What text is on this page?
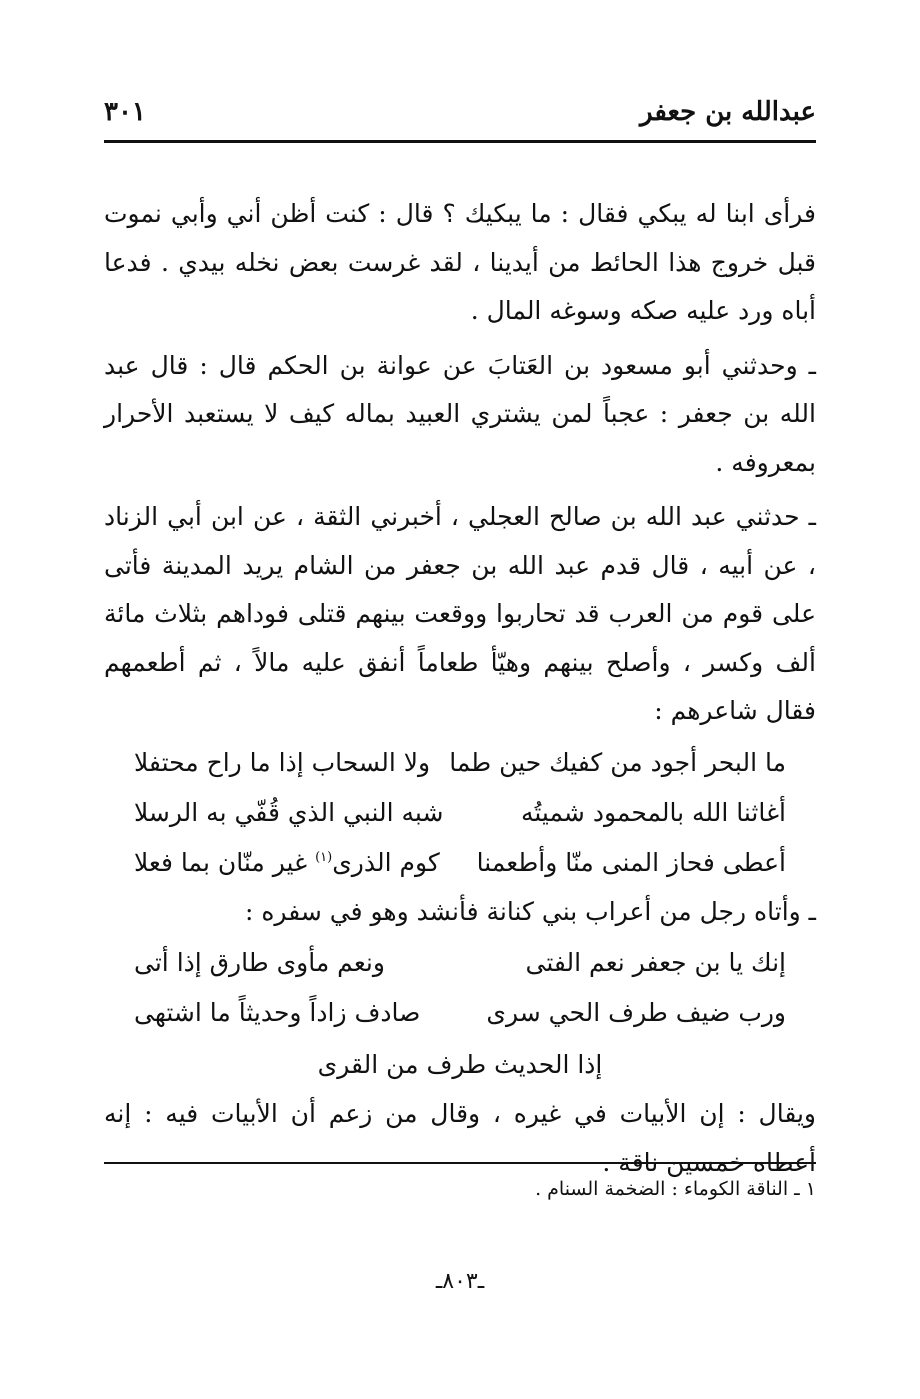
عبدالله بن جعفر
٣٠١

فرأى ابنا له يبكي فقال : ما يبكيك ؟ قال : كنت أظن أني وأبي نموت قبل خروج هذا الحائط من أيدينا ، لقد غرست بعض نخله بيدي . فدعا أباه ورد عليه صكه وسوغه المال .

ـ وحدثني أبو مسعود بن العَتابَ عن عوانة بن الحكم قال : قال عبد الله بن جعفر : عجباً لمن يشتري العبيد بماله كيف لا يستعبد الأحرار بمعروفه .

ـ حدثني عبد الله بن صالح العجلي ، أخبرني الثقة ، عن ابن أبي الزناد ، عن أبيه ، قال قدم عبد الله بن جعفر من الشام يريد المدينة فأتى على قوم من العرب قد تحاربوا ووقعت بينهم قتلى فوداهم بثلاث مائة ألف وكسر ، وأصلح بينهم وهيّأ طعاماً أنفق عليه مالاً ، ثم أطعمهم فقال شاعرهم :

ما البحر أجود من كفيك حين طما
ولا السحاب إذا ما راح محتفلا
أغاثنا الله بالمحمود شميتُه
شبه النبي الذي قُفّي به الرسلا
أعطى فحاز المنى منّا وأطعمنا
كوم الذرى$^{(١)}$ غير منّان بما فعلا

ـ وأتاه رجل من أعراب بني كنانة فأنشد وهو في سفره :

إنك يا بن جعفر نعم الفتى
ونعم مأوى طارق إذا أتى
ورب ضيف طرف الحي سرى
صادف زاداً وحديثاً ما اشتهى
إذا الحديث طرف من القرى

ويقال : إن الأبيات في غيره ، وقال من زعم أن الأبيات فيه : إنه أعطاه خمسين ناقة .

١ ـ الناقة الكوماء : الضخمة السنام .
ـ٨٠٣ـ
